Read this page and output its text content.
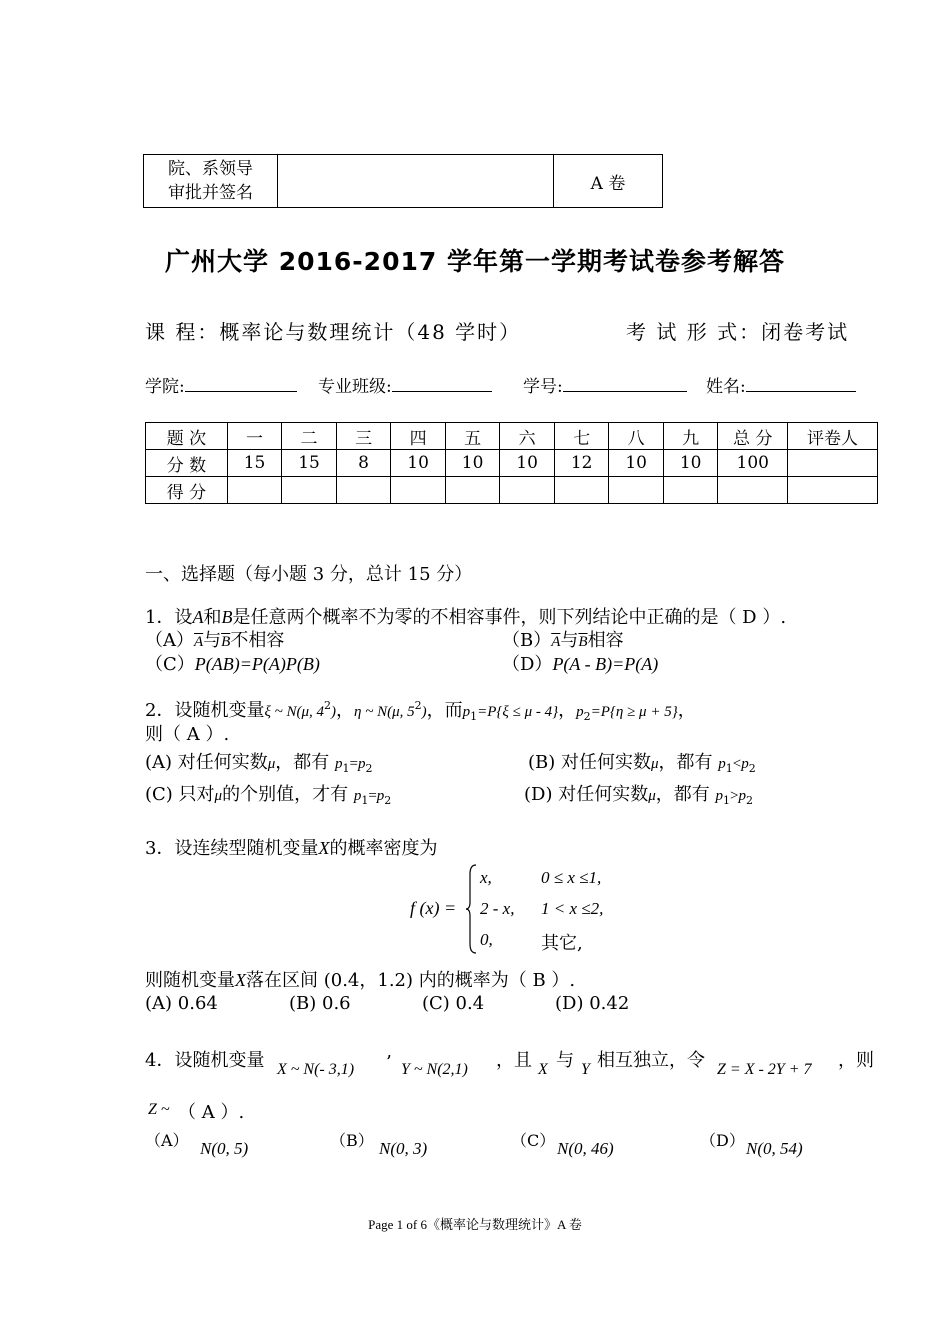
院、系领导
审批并签名		A 卷
广州大学 2016-2017 学年第一学期考试卷参考解答
课 程：概率论与数理统计（48 学时）	考 试 形 式：闭卷考试
学院:	专业班级:	学号:	姓名:
题 次	一	二	三	四	五	六	七	八	九	总 分	评卷人
分 数	15	15	8	10	10	10	12	10	10	100	
得 分											
一、选择题（每小题 3 分，总计 15 分）
1．设A和B是任意两个概率不为零的不相容事件，则下列结论中正确的是（ D ）.
$(A)\overline{A}$与$\overline{B}$不相容	$(B)\overline{A}$与$\overline{B}$相容
（C）P(AB)=P(A)P(B)	（D）P(A - B)=P(A)
2．设随机变量ξ ~ N(μ, $4^2$)，η ~ N(μ, $5^2$)，而$p_1=P\{\xi \le \mu - 4\}$，$p_2=P\{\eta \ge \mu + 5\}$，
则（ A ）.
(A) 对任何实数μ，都有 $p_1=p_2$	(B) 对任何实数μ，都有 $p_1<p_2$
(C) 只对μ的个别值，才有 $p_1=p_2$	(D) 对任何实数μ，都有 $p_1>p_2$
3．设连续型随机变量X的概率密度为
f (x) =
x,	0 ≤ x ≤1,
2 - x, 1 < x ≤2,
0,	其它,
则随机变量X落在区间 (0.4，1.2) 内的概率为（ B ）.
(A) 0.64	(B) 0.6	(C) 0.4	(D) 0.42
4．设随机变量 X ~ N(- 3,1) ’ Y ~ N(2,1) ，且 X 与 Y 相互独立，令 Z = X - 2Y + 7 ，则
Z ~ （ A ）.
（A） N(0, 5)	（B） N(0, 3)	（C） N(0, 46)	（D） N(0, 54)
Page 1 of 6《概率论与数理统计》A 卷
